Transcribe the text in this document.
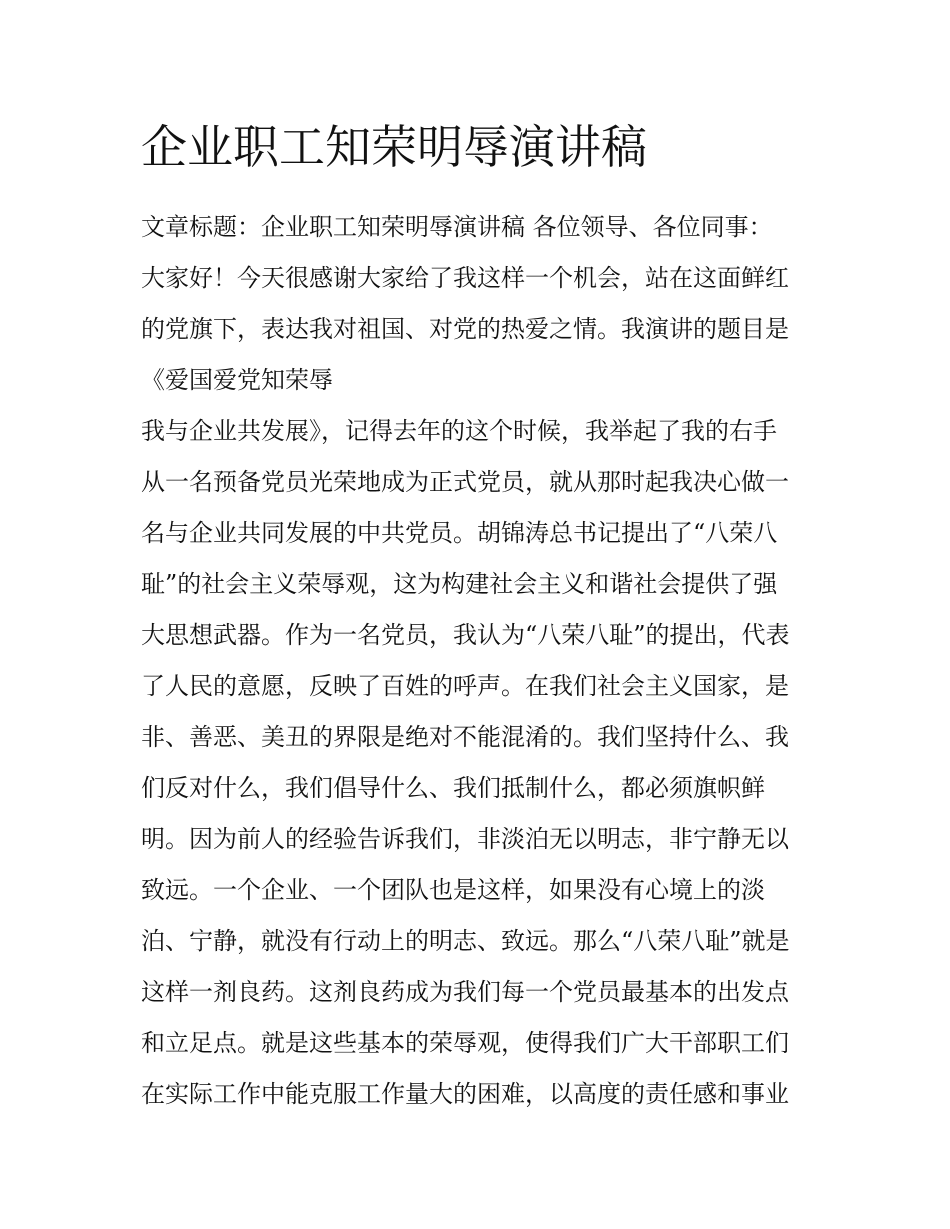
企业职工知荣明辱演讲稿
文章标题：企业职工知荣明辱演讲稿 各位领导、各位同事：
大家好！今天很感谢大家给了我这样一个机会，站在这面鲜红
的党旗下，表达我对祖国、对党的热爱之情。我演讲的题目是
《爱国爱党知荣辱
我与企业共发展》，记得去年的这个时候，我举起了我的右手
从一名预备党员光荣地成为正式党员，就从那时起我决心做一
名与企业共同发展的中共党员。胡锦涛总书记提出了“八荣八
耻”的社会主义荣辱观，这为构建社会主义和谐社会提供了强
大思想武器。作为一名党员，我认为“八荣八耻”的提出，代表
了人民的意愿，反映了百姓的呼声。在我们社会主义国家，是
非、善恶、美丑的界限是绝对不能混淆的。我们坚持什么、我
们反对什么，我们倡导什么、我们抵制什么，都必须旗帜鲜
明。因为前人的经验告诉我们，非淡泊无以明志，非宁静无以
致远。一个企业、一个团队也是这样，如果没有心境上的淡
泊、宁静，就没有行动上的明志、致远。那么“八荣八耻”就是
这样一剂良药。这剂良药成为我们每一个党员最基本的出发点
和立足点。就是这些基本的荣辱观，使得我们广大干部职工们
在实际工作中能克服工作量大的困难，以高度的责任感和事业
